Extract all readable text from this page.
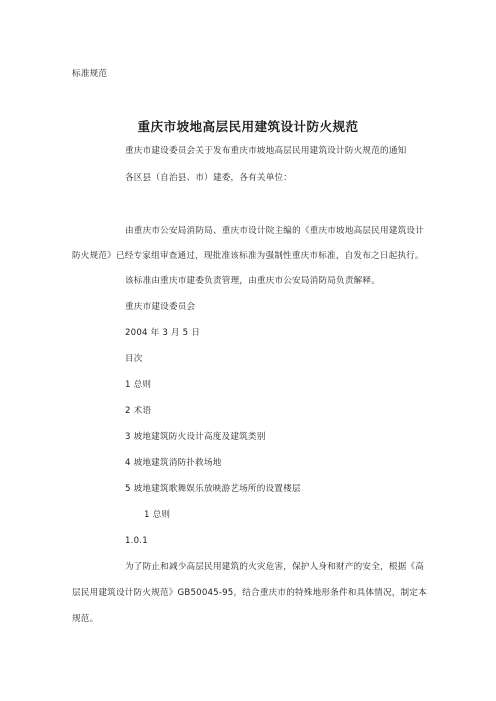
标准规范
重庆市坡地高层民用建筑设计防火规范
重庆市建设委员会关于发布重庆市坡地高层民用建筑设计防火规范的通知
各区县（自治县、市）建委，各有关单位：
由重庆市公安局消防局、重庆市设计院主编的《重庆市坡地高层民用建筑设计
防火规范》已经专家组审查通过，现批准该标准为强制性重庆市标准，自发布之日起执行。
该标准由重庆市建委负责管理，由重庆市公安局消防局负责解释。
重庆市建设委员会
2004 年 3 月 5 日
目次
1 总则
2 术语
3 坡地建筑防火设计高度及建筑类别
4 坡地建筑消防扑救场地
5 坡地建筑歌舞娱乐放映游艺场所的设置楼层
1 总则
1.0.1
为了防止和减少高层民用建筑的火灾危害，保护人身和财产的安全，根据《高
层民用建筑设计防火规范》GB50045-95，结合重庆市的特殊地形条件和具体情况，制定本
规范。
